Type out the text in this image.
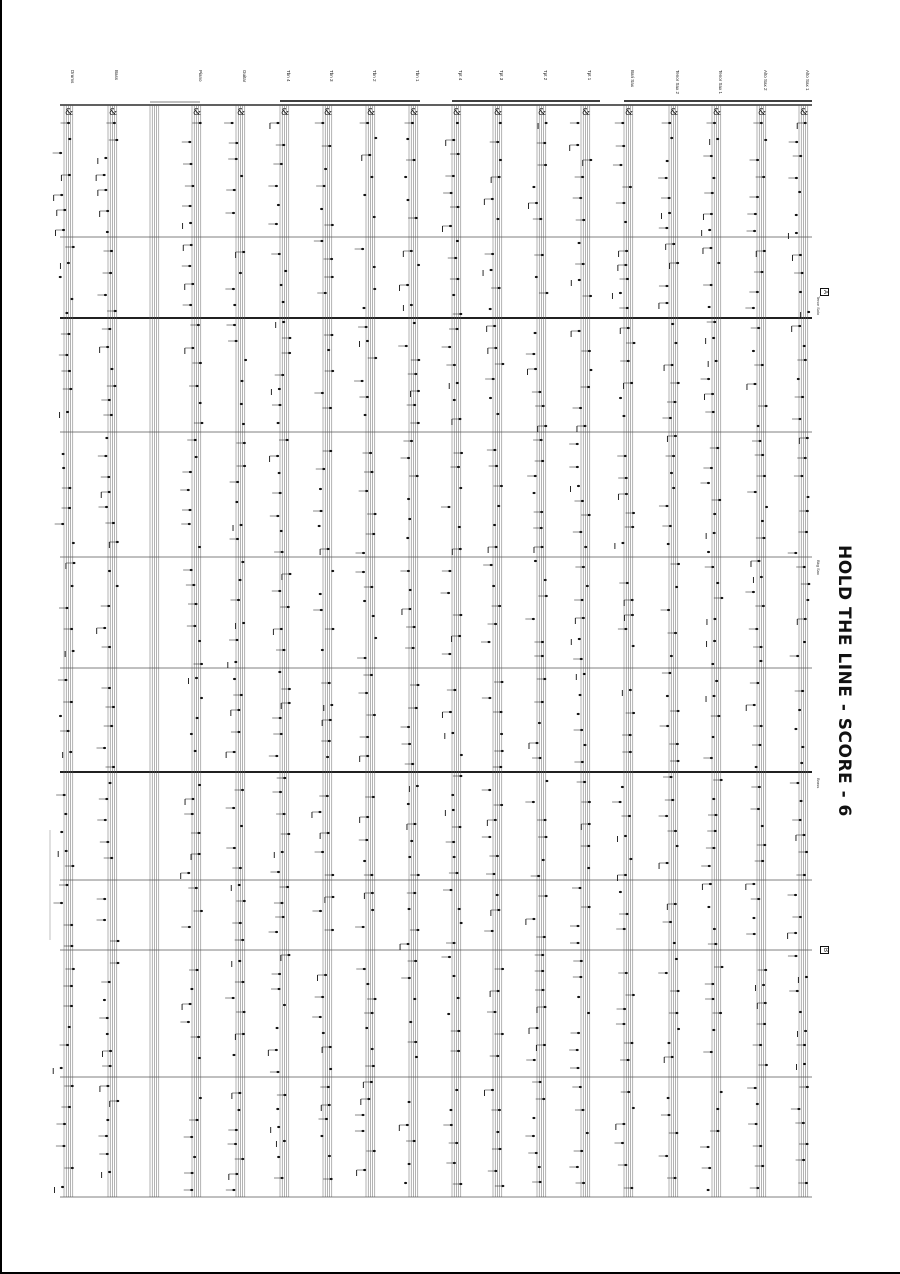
&
&
&
&
&
&
&
&
&
&
&
&
&
&
&
&
&
HOLD THE LINE - SCORE - 6
Alto Sax 1
Alto Sax 2
Tenor Sax 1
Tenor Sax 2
Bari Sax
Tpt 1
Tpt 2
Tpt 3
Tpt 4
Tbn 1
Tbn 2
Tbn 3
Tbn 4
Guitar
Piano
Bass
Drums
Tenor Solo
Bkg Sax
Brass
A
B
